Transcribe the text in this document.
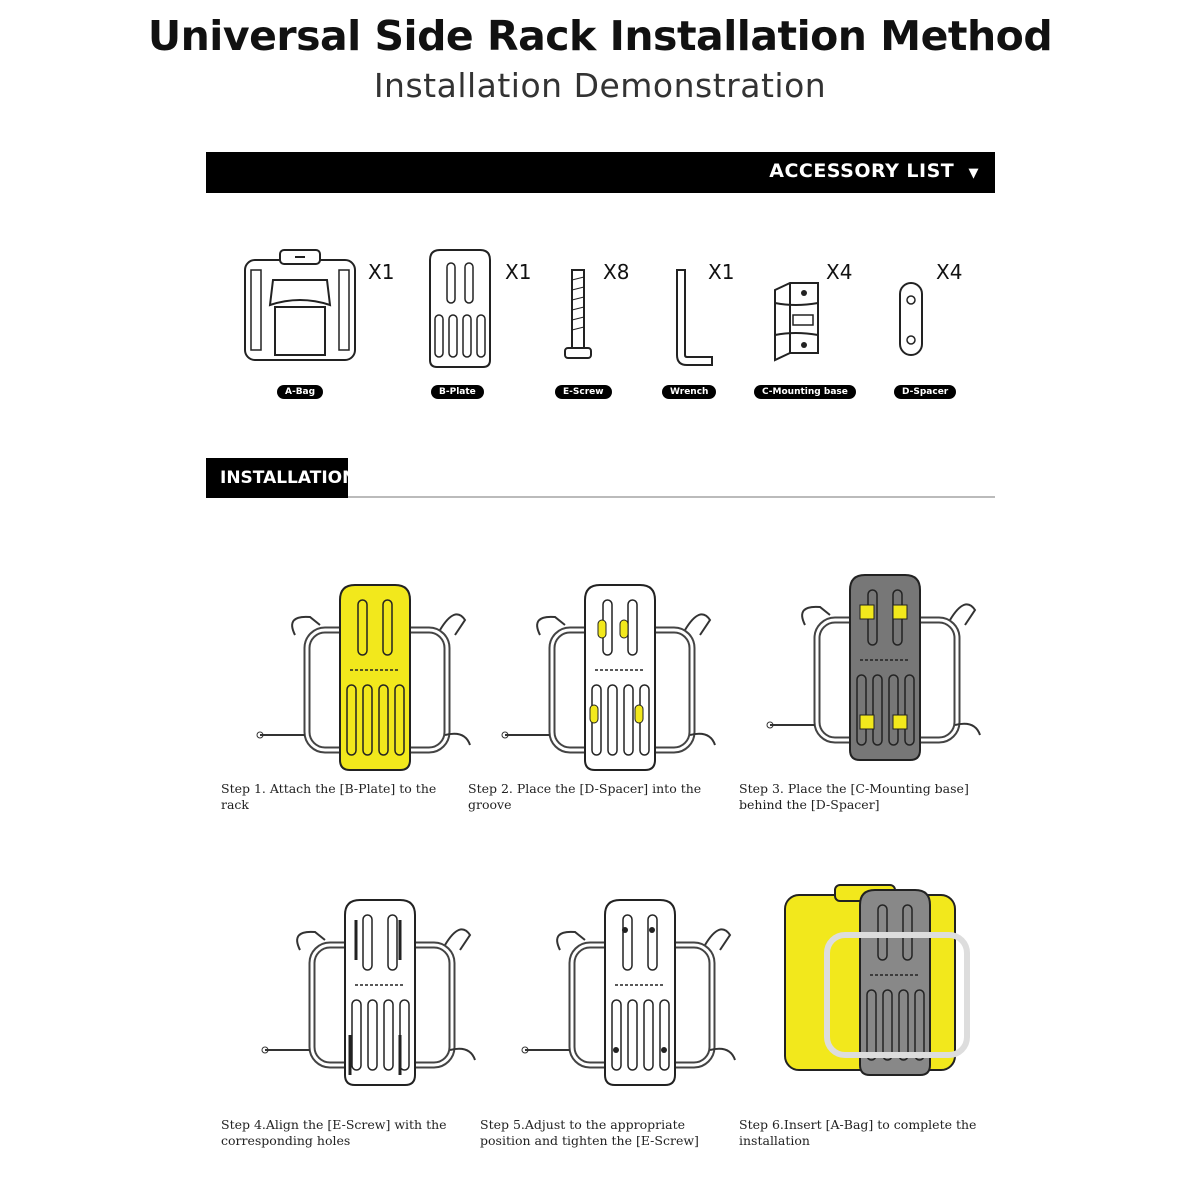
Universal Side Rack Installation Method
Installation Demonstration
ACCESSORY LIST ▼
X1
A-Bag
X1
B-Plate
X8
E-Screw
X1
Wrench
X4
C-Mounting base
X4
D-Spacer
INSTALLATION
Step 1. Attach the [B-Plate] to the rack
Step 2. Place the [D-Spacer] into the groove
Step 3. Place the [C-Mounting base] behind the [D-Spacer]
Step 4.Align the [E-Screw] with the corresponding holes
Step 5.Adjust to the appropriate position and tighten the [E-Screw]
Step 6.Insert [A-Bag] to complete the installation
